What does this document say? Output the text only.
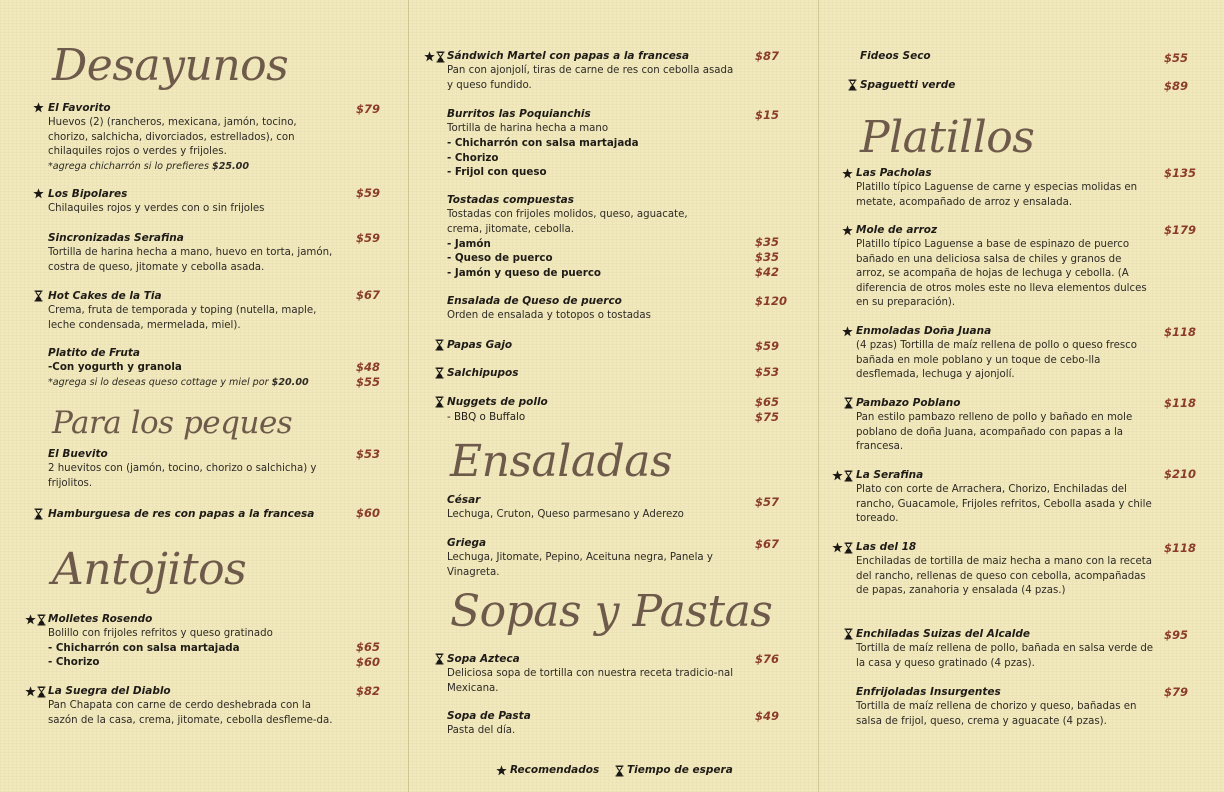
Desayunos
El Favorito	$79
Huevos (2) (rancheros, mexicana, jamón, tocino, chorizo, salchicha, divorciados, estrellados), con chilaquiles rojos o verdes y frijoles.
*agrega chicharrón si lo prefieres $25.00
Los Bipolares	$59
Chilaquiles rojos y verdes con o sin frijoles
Sincronizadas Serafina	$59
Tortilla de harina hecha a mano, huevo en torta, jamón, costra de queso, jitomate y cebolla asada.
Hot Cakes de la Tia	$67
Crema, fruta de temporada y toping (nutella, maple, leche condensada, mermelada, miel).
Platito de Fruta
-Con yogurth y granola	$48
*agrega si lo deseas queso cottage y miel por $20.00	$55
Para los peques
El Buevito	$53
2 huevitos con (jamón, tocino, chorizo o salchicha) y frijolitos.
Hamburguesa de res con papas a la francesa	$60
Antojitos
Molletes Rosendo
Bolillo con frijoles refritos y queso gratinado
- Chicharrón con salsa martajada	$65
- Chorizo	$60
La Suegra del Diablo	$82
Pan Chapata con carne de cerdo deshebrada con la sazón de la casa, crema, jitomate, cebolla desfleme-da.
Sándwich Martel con papas a la francesa	$87
Pan con ajonjolí, tiras de carne de res con cebolla asada y queso fundido.
Burritos las Poquianchis	$15
Tortilla de harina hecha a mano
- Chicharrón con salsa martajada
- Chorizo
- Frijol con queso
Tostadas compuestas
Tostadas con frijoles molidos, queso, aguacate, crema, jitomate, cebolla.
- Jamón	$35
- Queso de puerco	$35
- Jamón y queso de puerco	$42
Ensalada de Queso de puerco	$120
Orden de ensalada y totopos o tostadas
Papas Gajo	$59
Salchipupos	$53
Nuggets de pollo	$65
- BBQ o Buffalo	$75
Ensaladas
César	$57
Lechuga, Cruton, Queso parmesano y Aderezo
Griega	$67
Lechuga, Jitomate, Pepino, Aceituna negra, Panela y Vinagreta.
Sopas y Pastas
Sopa Azteca	$76
Deliciosa sopa de tortilla con nuestra receta tradicio-nal Mexicana.
Sopa de Pasta	$49
Pasta del día.
Recomendados	Tiempo de espera
Fideos Seco	$55
Spaguetti verde	$89
Platillos
Las Pacholas	$135
Platillo típico Laguense de carne y especias molidas en metate, acompañado de arroz y ensalada.
Mole de arroz	$179
Platillo típico Laguense a base de espinazo de puerco bañado en una deliciosa salsa de chiles y granos de arroz, se acompaña de hojas de lechuga y cebolla. (A diferencia de otros moles este no lleva elementos dulces en su preparación).
Enmoladas Doña Juana	$118
(4 pzas) Tortilla de maíz rellena de pollo o queso fresco bañada en mole poblano y un toque de cebo-lla desflemada, lechuga y ajonjolí.
Pambazo Poblano	$118
Pan estilo pambazo relleno de pollo y bañado en mole poblano de doña Juana, acompañado con papas a la francesa.
La Serafina	$210
Plato con corte de Arrachera, Chorizo, Enchiladas del rancho, Guacamole, Frijoles refritos, Cebolla asada y chile toreado.
Las del 18	$118
Enchiladas de tortilla de maiz hecha a mano con la receta del rancho, rellenas de queso con cebolla, acompañadas de papas, zanahoria y ensalada (4 pzas.)
Enchiladas Suizas del Alcalde	$95
Tortilla de maíz rellena de pollo, bañada en salsa verde de la casa y queso gratinado (4 pzas).
Enfrijoladas Insurgentes	$79
Tortilla de maíz rellena de chorizo y queso, bañadas en salsa de frijol, queso, crema y aguacate (4 pzas).
